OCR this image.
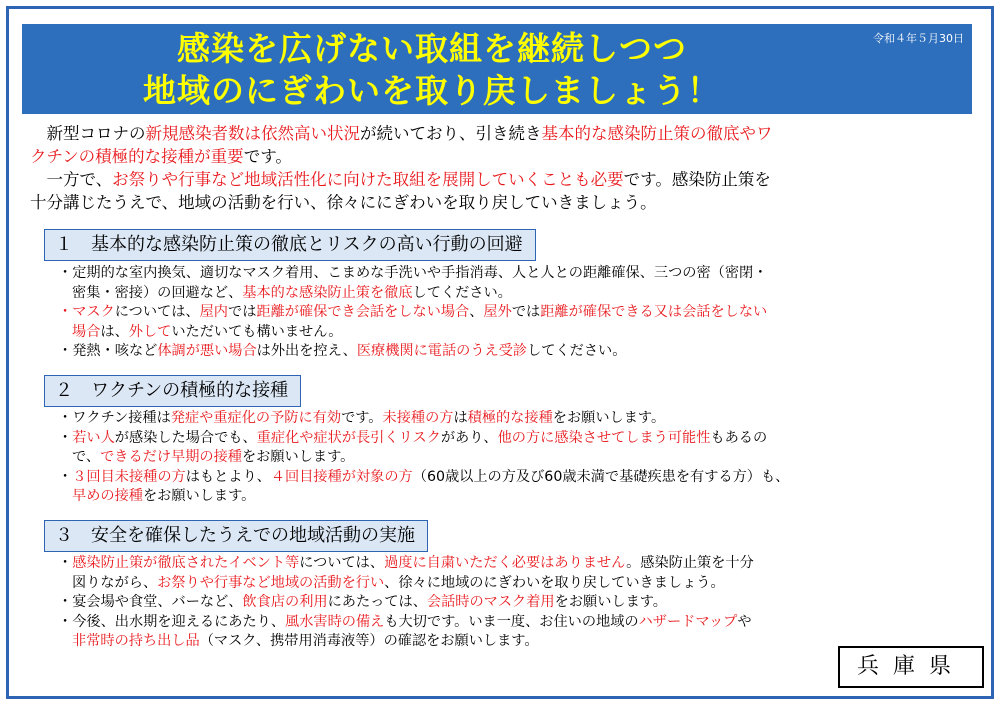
感染を広げない取組を継続しつつ
地域のにぎわいを取り戻しましょう！
令和４年５月30日

　新型コロナの新規感染者数は依然高い状況が続いており、引き続き基本的な感染防止策の徹底やワ

クチンの積極的な接種が重要です。

　一方で、お祭りや行事など地域活性化に向けた取組を展開していくことも必要です。感染防止策を

十分講じたうえで、地域の活動を行い、徐々ににぎわいを取り戻していきましょう。

１　基本的な感染防止策の徹底とリスクの高い行動の回避

・定期的な室内換気、適切なマスク着用、こまめな手洗いや手指消毒、人と人との距離確保、三つの密（密閉・

密集・密接）の回避など、基本的な感染防止策を徹底してください。

・マスクについては、屋内では距離が確保でき会話をしない場合、屋外では距離が確保できる又は会話をしない

場合は、外していただいても構いません。

・発熱・咳など体調が悪い場合は外出を控え、医療機関に電話のうえ受診してください。

２　ワクチンの積極的な接種

・ワクチン接種は発症や重症化の予防に有効です。未接種の方は積極的な接種をお願いします。

・若い人が感染した場合でも、重症化や症状が長引くリスクがあり、他の方に感染させてしまう可能性もあるの

で、できるだけ早期の接種をお願いします。

・３回目未接種の方はもとより、４回目接種が対象の方（60歳以上の方及び60歳未満で基礎疾患を有する方）も、

早めの接種をお願いします。

３　安全を確保したうえでの地域活動の実施

・感染防止策が徹底されたイベント等については、過度に自粛いただく必要はありません。感染防止策を十分

図りながら、お祭りや行事など地域の活動を行い、徐々に地域のにぎわいを取り戻していきましょう。

・宴会場や食堂、バーなど、飲食店の利用にあたっては、会話時のマスク着用をお願いします。

・今後、出水期を迎えるにあたり、風水害時の備えも大切です。いま一度、お住いの地域のハザードマップや

非常時の持ち出し品（マスク、携帯用消毒液等）の確認をお願いします。

兵庫県
